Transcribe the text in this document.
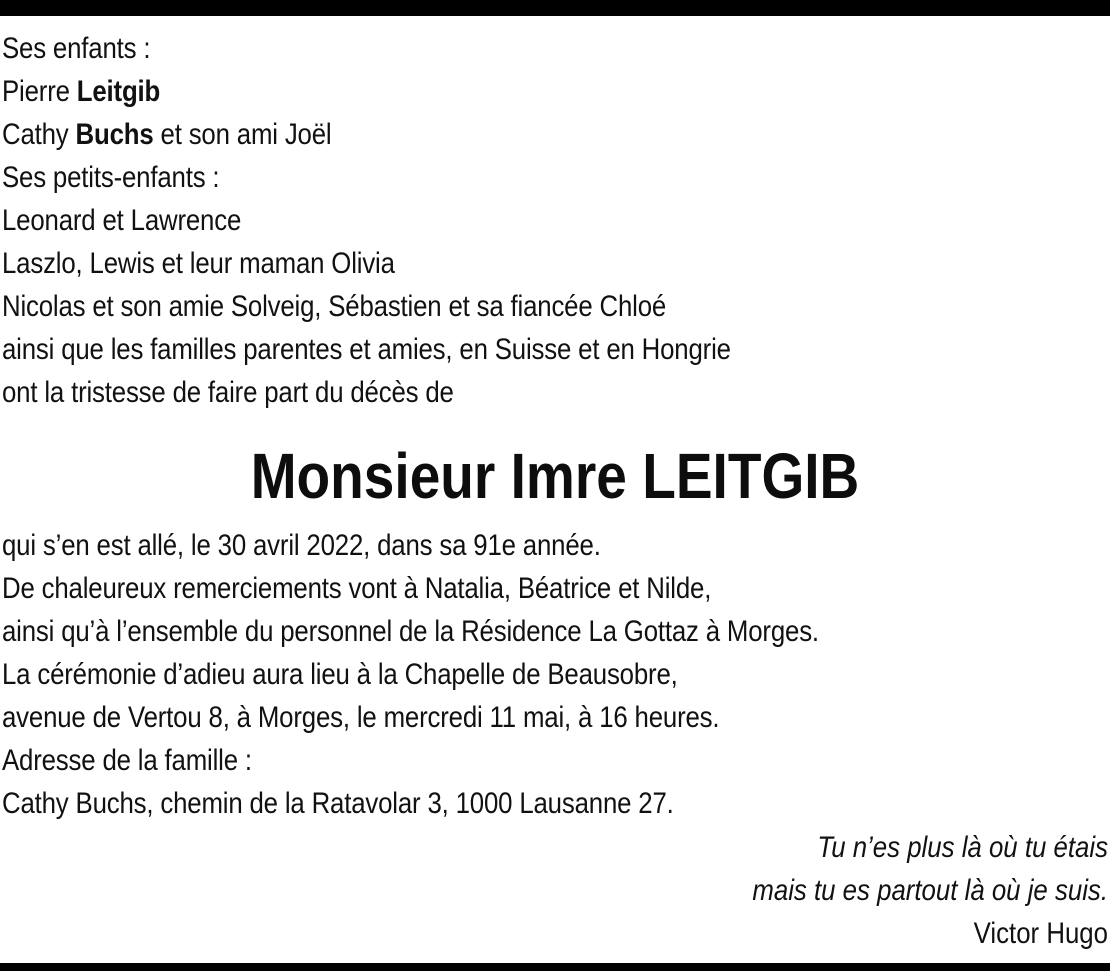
Ses enfants :
Pierre Leitgib
Cathy Buchs et son ami Joël
Ses petits-enfants :
Leonard et Lawrence
Laszlo, Lewis et leur maman Olivia
Nicolas et son amie Solveig, Sébastien et sa fiancée Chloé
ainsi que les familles parentes et amies, en Suisse et en Hongrie
ont la tristesse de faire part du décès de
Monsieur Imre LEITGIB
qui s’en est allé, le 30 avril 2022, dans sa 91e année.
De chaleureux remerciements vont à Natalia, Béatrice et Nilde,
ainsi qu’à l’ensemble du personnel de la Résidence La Gottaz à Morges.
La cérémonie d’adieu aura lieu à la Chapelle de Beausobre,
avenue de Vertou 8, à Morges, le mercredi 11 mai, à 16 heures.
Adresse de la famille :
Cathy Buchs, chemin de la Ratavolar 3, 1000 Lausanne 27.
Tu n’es plus là où tu étais
mais tu es partout là où je suis.
Victor Hugo
